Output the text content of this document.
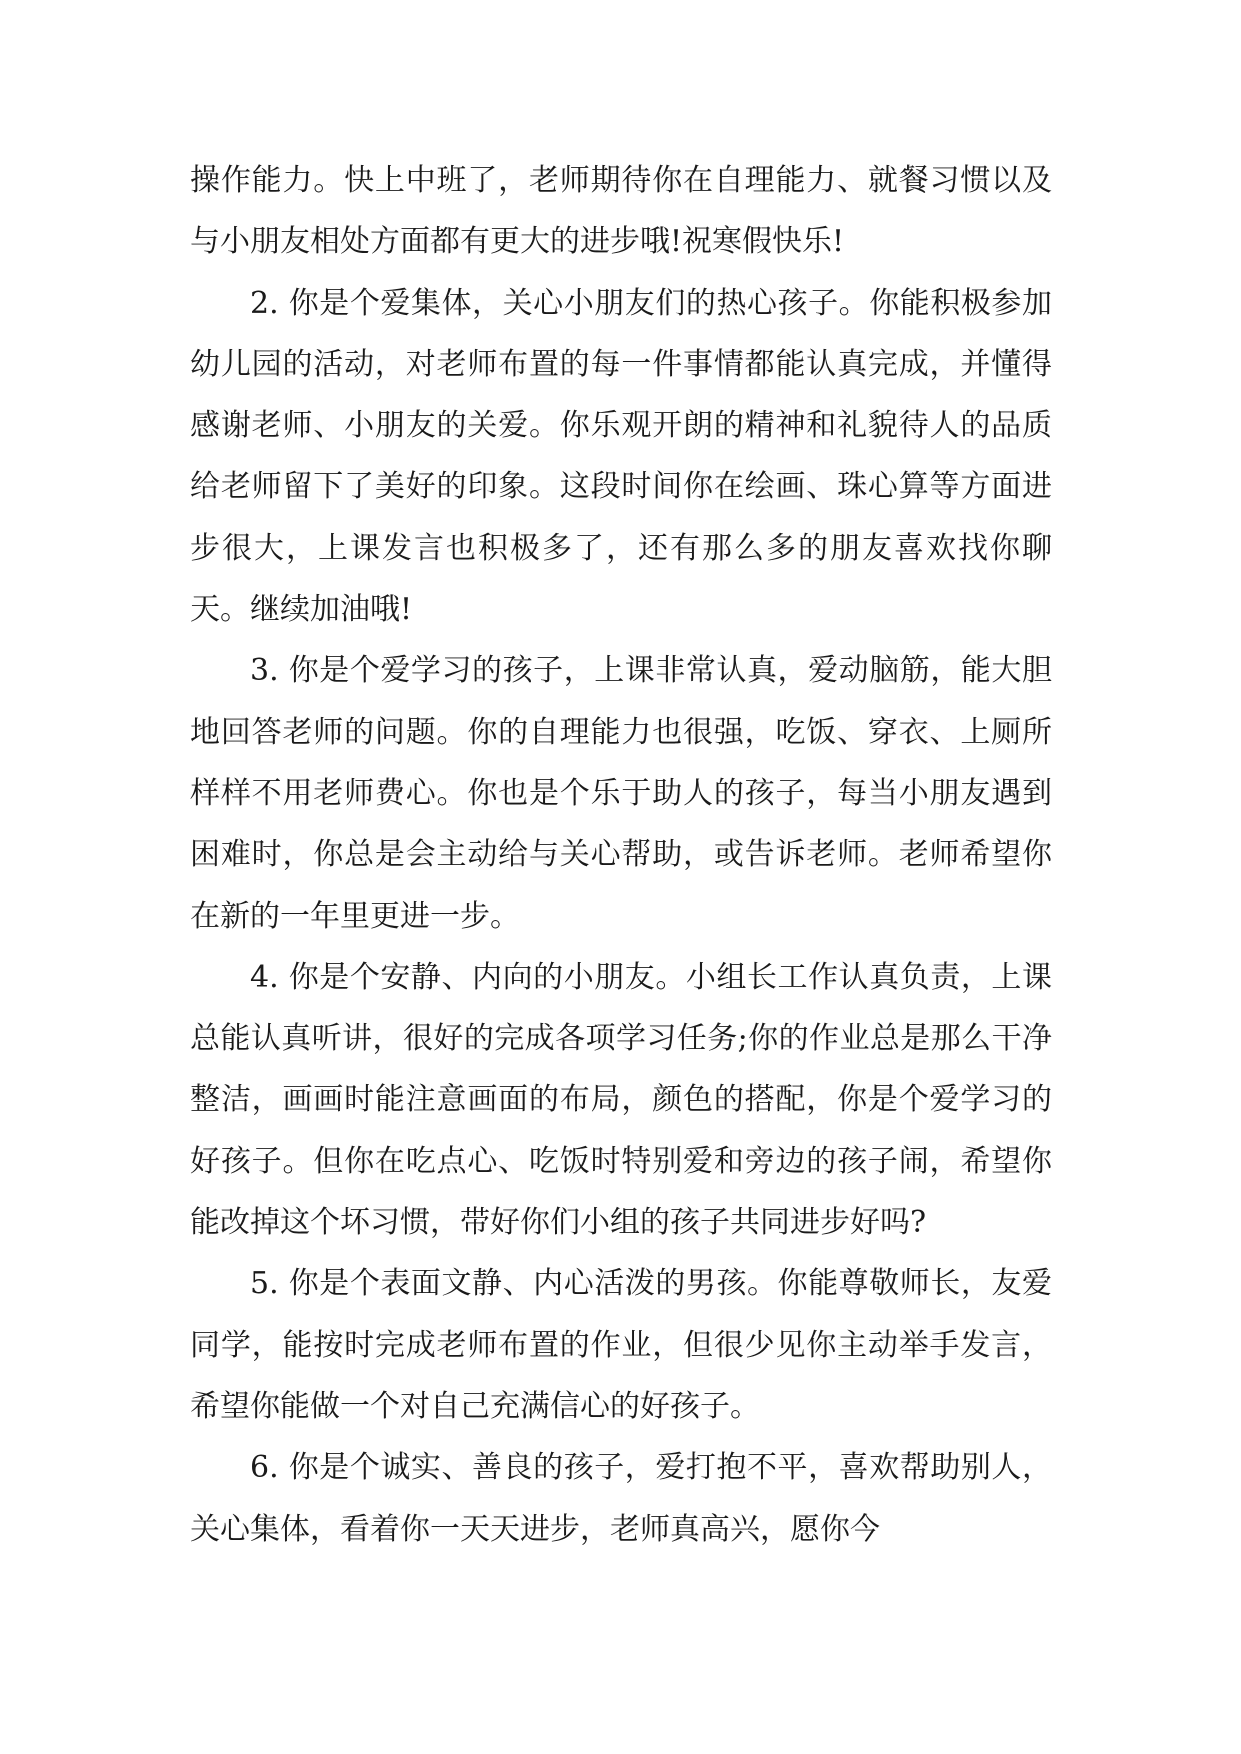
操作能力。快上中班了，老师期待你在自理能力、就餐习惯以及与小朋友相处方面都有更大的进步哦!祝寒假快乐!

2. 你是个爱集体，关心小朋友们的热心孩子。你能积极参加幼儿园的活动，对老师布置的每一件事情都能认真完成，并懂得感谢老师、小朋友的关爱。你乐观开朗的精神和礼貌待人的品质给老师留下了美好的印象。这段时间你在绘画、珠心算等方面进步很大，上课发言也积极多了，还有那么多的朋友喜欢找你聊天。继续加油哦!

3. 你是个爱学习的孩子，上课非常认真，爱动脑筋，能大胆地回答老师的问题。你的自理能力也很强，吃饭、穿衣、上厕所样样不用老师费心。你也是个乐于助人的孩子，每当小朋友遇到困难时，你总是会主动给与关心帮助，或告诉老师。老师希望你在新的一年里更进一步。

4. 你是个安静、内向的小朋友。小组长工作认真负责，上课总能认真听讲，很好的完成各项学习任务;你的作业总是那么干净整洁，画画时能注意画面的布局，颜色的搭配，你是个爱学习的好孩子。但你在吃点心、吃饭时特别爱和旁边的孩子闹，希望你能改掉这个坏习惯，带好你们小组的孩子共同进步好吗?

5. 你是个表面文静、内心活泼的男孩。你能尊敬师长，友爱同学，能按时完成老师布置的作业，但很少见你主动举手发言，希望你能做一个对自己充满信心的好孩子。

6. 你是个诚实、善良的孩子，爱打抱不平，喜欢帮助别人，关心集体，看着你一天天进步，老师真高兴，愿你今
